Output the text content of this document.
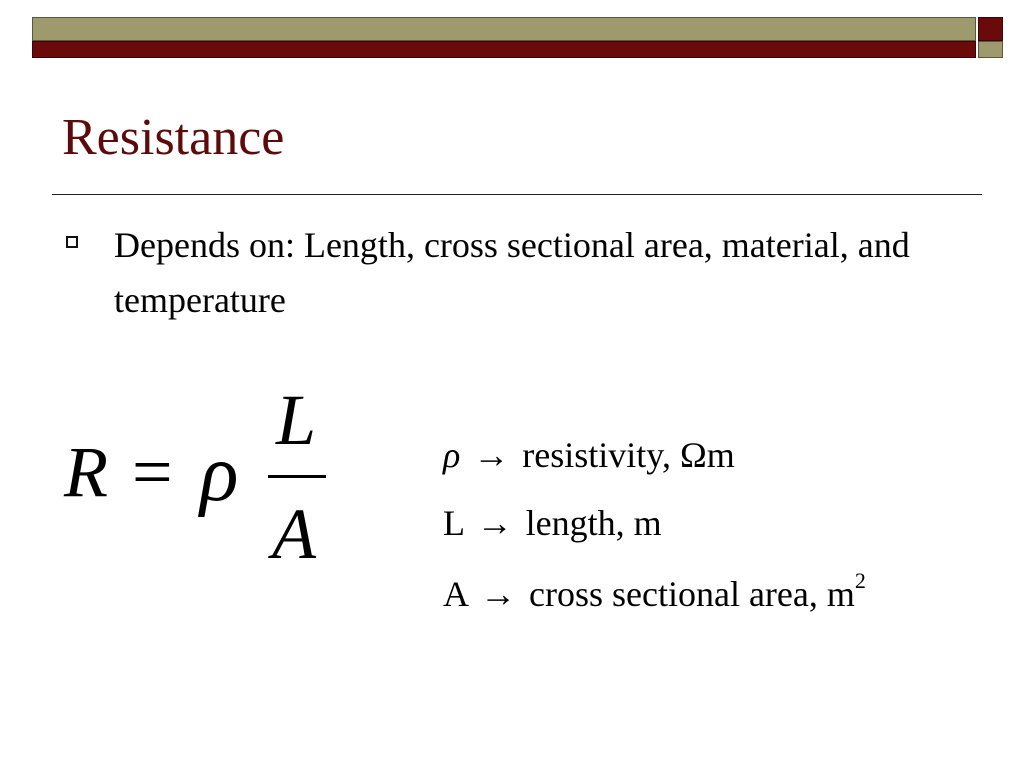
Resistance
Depends on: Length, cross sectional area, material, and temperature
R = ρ
L
A
ρ → resistivity, Ωm
L → length, m
A → cross sectional area, $m^2$
